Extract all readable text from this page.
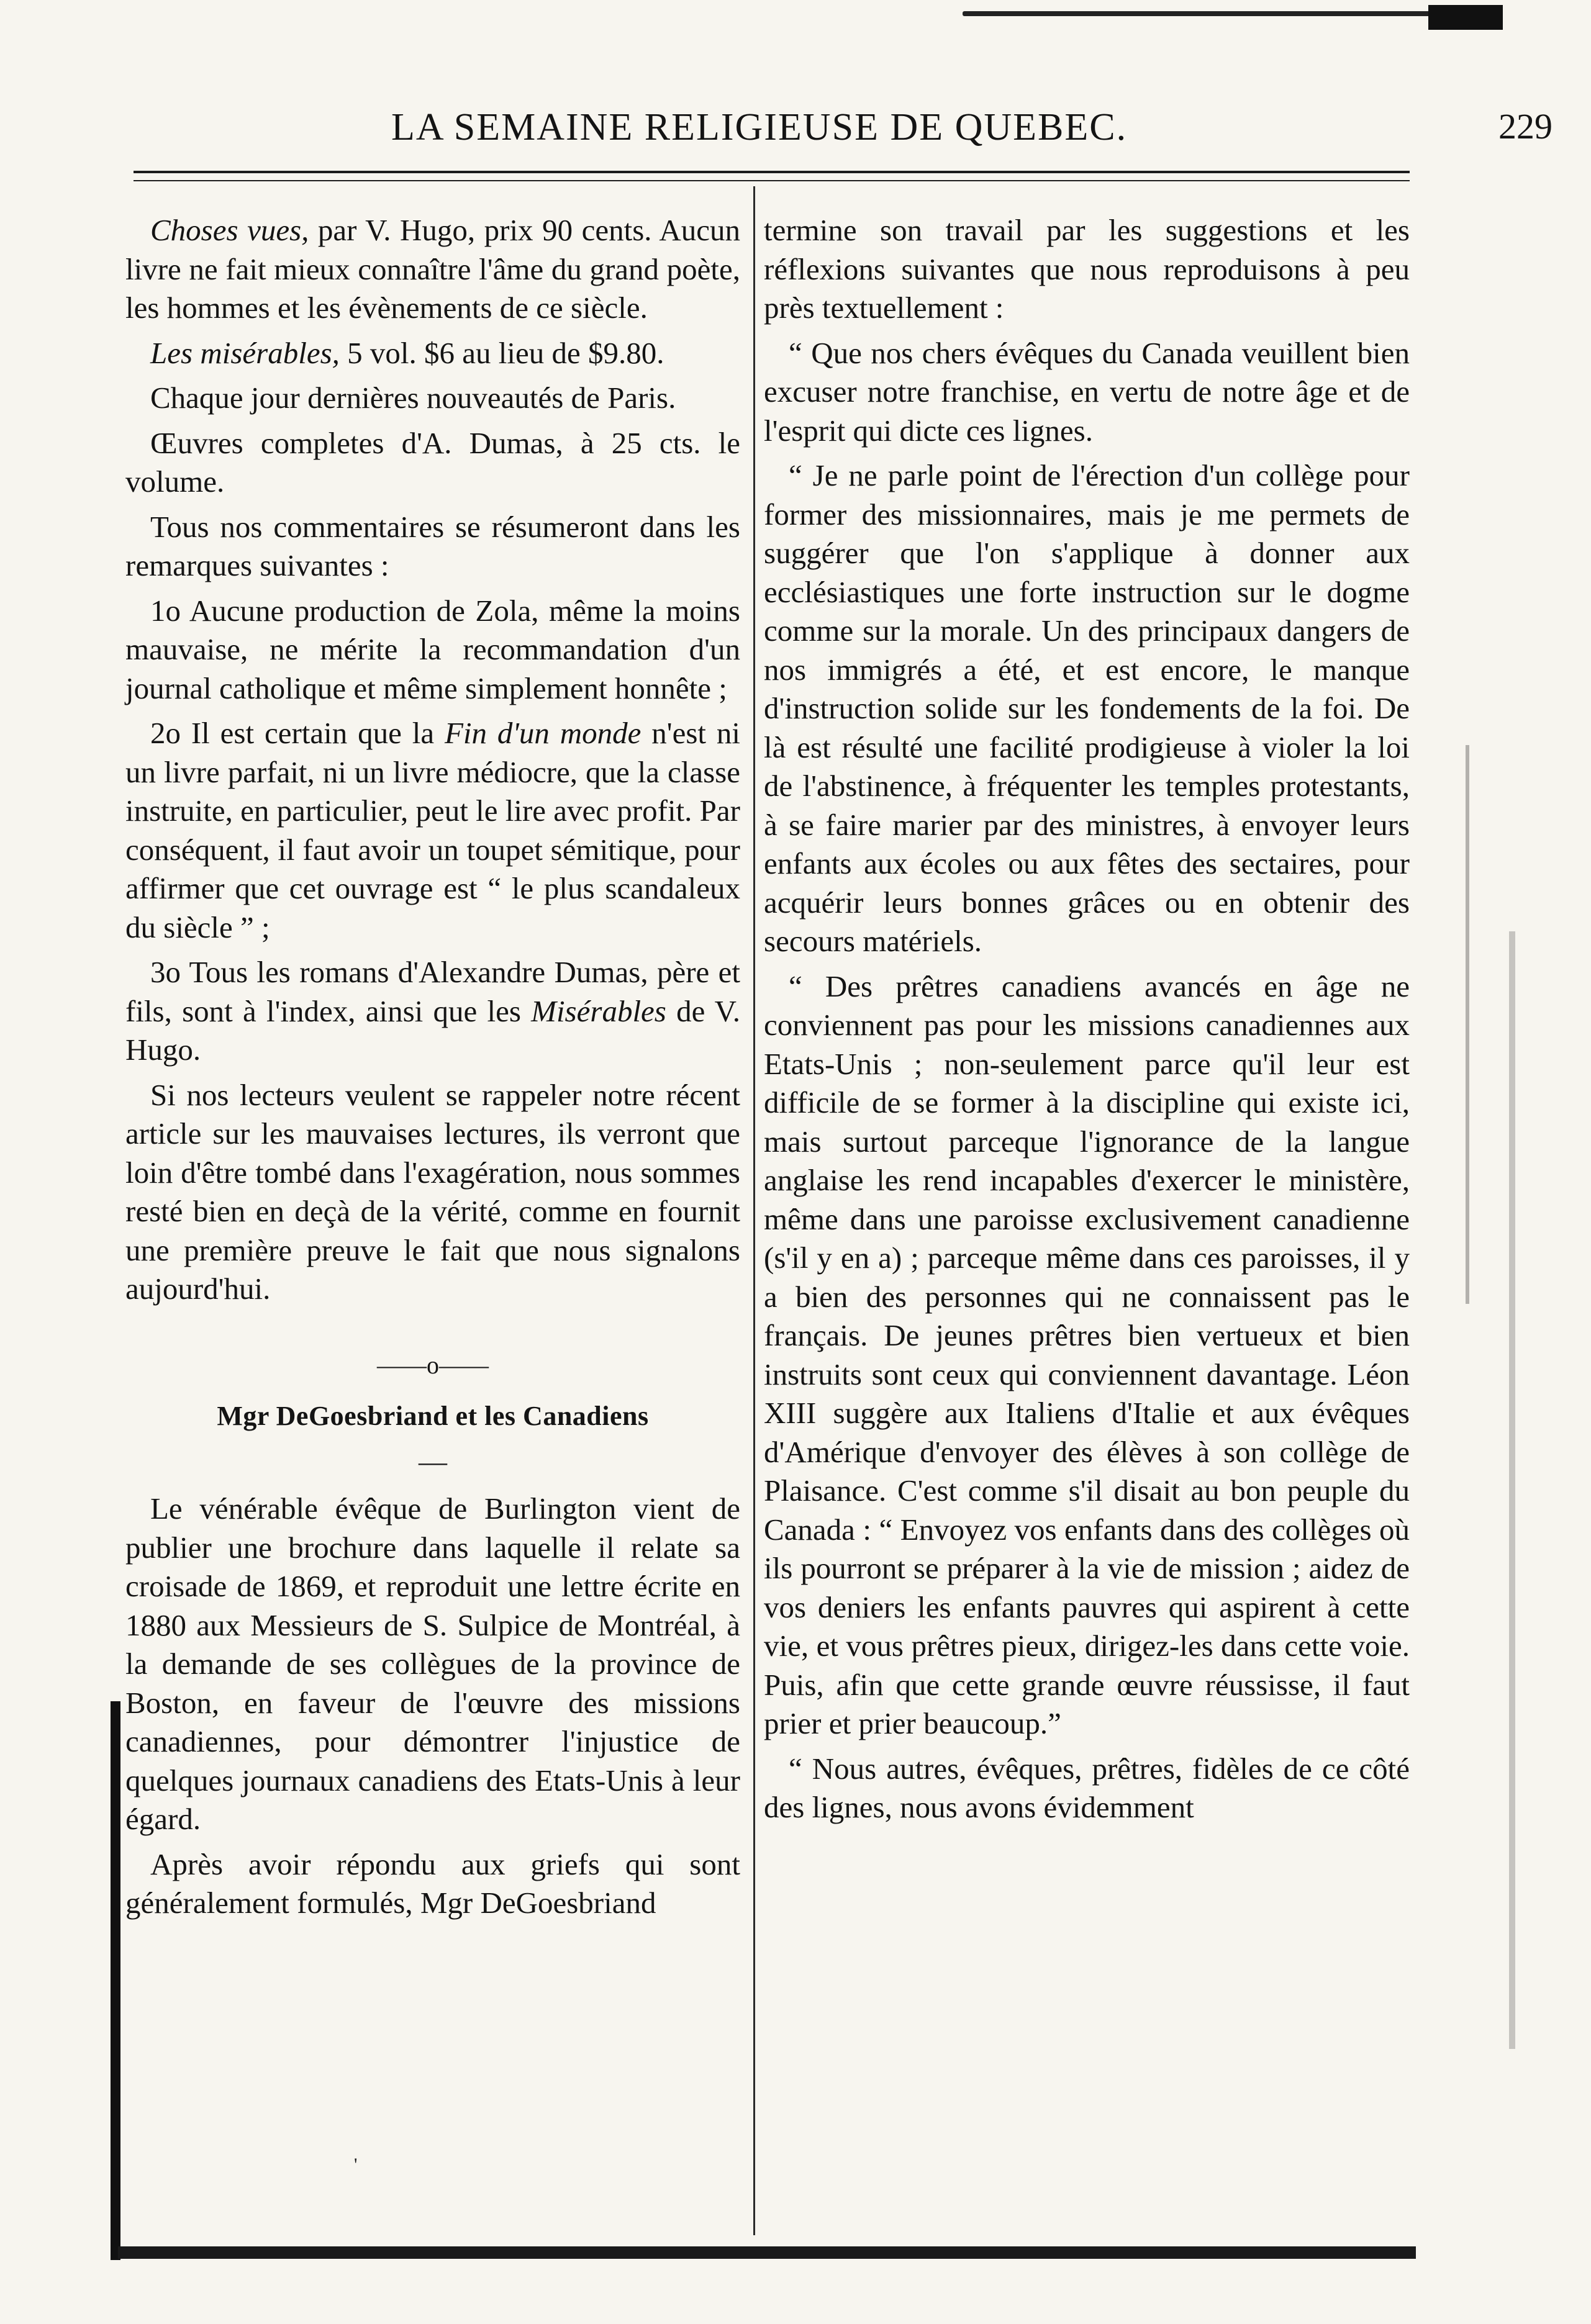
LA SEMAINE RELIGIEUSE DE QUEBEC.	229

Choses vues, par V. Hugo, prix 90 cents. Aucun livre ne fait mieux connaître l'âme du grand poète, les hommes et les évènements de ce siècle.

Les misérables, 5 vol. $6 au lieu de $9.80.

Chaque jour dernières nouveautés de Paris.

Œuvres completes d'A. Dumas, à 25 cts. le volume.

Tous nos commentaires se résumeront dans les remarques suivantes :

1o Aucune production de Zola, même la moins mauvaise, ne mérite la recommandation d'un journal catholique et même simplement honnête ;

2o Il est certain que la Fin d'un monde n'est ni un livre parfait, ni un livre médiocre, que la classe instruite, en particulier, peut le lire avec profit. Par conséquent, il faut avoir un toupet sémitique, pour affirmer que cet ouvrage est “ le plus scandaleux du siècle ” ;

3o Tous les romans d'Alexandre Dumas, père et fils, sont à l'index, ainsi que les Misérables de V. Hugo.

Si nos lecteurs veulent se rappeler notre récent article sur les mauvaises lectures, ils verront que loin d'être tombé dans l'exagération, nous sommes resté bien en deçà de la vérité, comme en fournit une première preuve le fait que nous signalons aujourd'hui.

——o——
Mgr DeGoesbriand et les Canadiens
—

Le vénérable évêque de Burlington vient de publier une brochure dans laquelle il relate sa croisade de 1869, et reproduit une lettre écrite en 1880 aux Messieurs de S. Sulpice de Montréal, à la demande de ses collègues de la province de Boston, en faveur de l'œuvre des missions canadiennes, pour démontrer l'injustice de quelques journaux canadiens des Etats-Unis à leur égard.

Après avoir répondu aux griefs qui sont généralement formulés, Mgr DeGoesbriand

termine son travail par les suggestions et les réflexions suivantes que nous reproduisons à peu près textuellement :

“ Que nos chers évêques du Canada veuillent bien excuser notre franchise, en vertu de notre âge et de l'esprit qui dicte ces lignes.

“ Je ne parle point de l'érection d'un collège pour former des missionnaires, mais je me permets de suggérer que l'on s'applique à donner aux ecclésiastiques une forte instruction sur le dogme comme sur la morale. Un des principaux dangers de nos immigrés a été, et est encore, le manque d'instruction solide sur les fondements de la foi. De là est résulté une facilité prodigieuse à violer la loi de l'abstinence, à fréquenter les temples protestants, à se faire marier par des ministres, à envoyer leurs enfants aux écoles ou aux fêtes des sectaires, pour acquérir leurs bonnes grâces ou en obtenir des secours matériels.

“ Des prêtres canadiens avancés en âge ne conviennent pas pour les missions canadiennes aux Etats-Unis ; non-seulement parce qu'il leur est difficile de se former à la discipline qui existe ici, mais surtout parceque l'ignorance de la langue anglaise les rend incapables d'exercer le ministère, même dans une paroisse exclusivement canadienne (s'il y en a) ; parceque même dans ces paroisses, il y a bien des personnes qui ne connaissent pas le français. De jeunes prêtres bien vertueux et bien instruits sont ceux qui conviennent davantage. Léon XIII suggère aux Italiens d'Italie et aux évêques d'Amérique d'envoyer des élèves à son collège de Plaisance. C'est comme s'il disait au bon peuple du Canada : “ Envoyez vos enfants dans des collèges où ils pourront se préparer à la vie de mission ; aidez de vos deniers les enfants pauvres qui aspirent à cette vie, et vous prêtres pieux, dirigez-les dans cette voie. Puis, afin que cette grande œuvre réussisse, il faut prier et prier beaucoup.”

“ Nous autres, évêques, prêtres, fidèles de ce côté des lignes, nous avons évidemment

'
